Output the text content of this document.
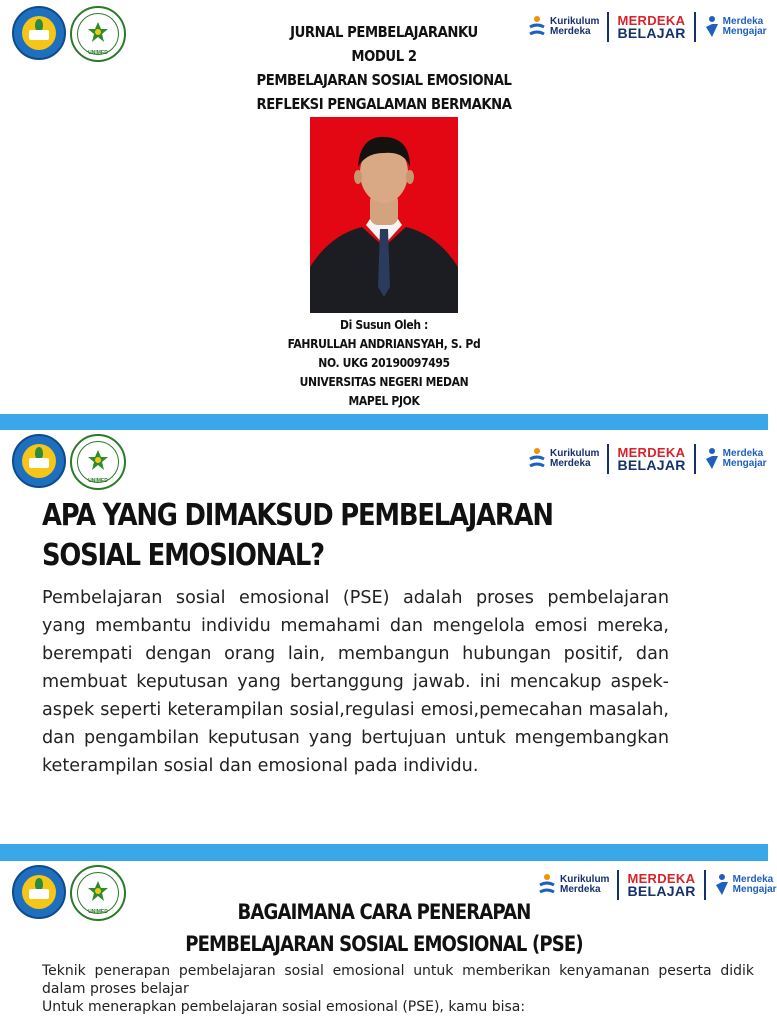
UNIMED
Kurikulum
Merdeka
MERDEKA
BELAJAR
Merdeka
Mengajar
JURNAL PEMBELAJARANKU
MODUL 2
PEMBELAJARAN SOSIAL EMOSIONAL
REFLEKSI PENGALAMAN BERMAKNA
Di Susun Oleh :
FAHRULLAH ANDRIANSYAH, S. Pd
NO. UKG 20190097495
UNIVERSITAS NEGERI MEDAN
MAPEL PJOK
UNIMED
Kurikulum
Merdeka
MERDEKA
BELAJAR
Merdeka
Mengajar
APA YANG DIMAKSUD PEMBELAJARAN SOSIAL EMOSIONAL?
Pembelajaran sosial emosional (PSE) adalah proses pembelajaran yang membantu individu memahami dan mengelola emosi mereka, berempati dengan orang lain, membangun hubungan positif, dan membuat keputusan yang bertanggung jawab. ini mencakup aspek-aspek seperti keterampilan sosial,regulasi emosi,pemecahan masalah, dan pengambilan keputusan yang bertujuan untuk mengembangkan keterampilan sosial dan emosional pada individu.
UNIMED
Kurikulum
Merdeka
MERDEKA
BELAJAR
Merdeka
Mengajar
BAGAIMANA CARA PENERAPAN
PEMBELAJARAN SOSIAL EMOSIONAL (PSE)

Teknik penerapan pembelajaran sosial emosional untuk memberikan kenyamanan peserta didik dalam proses belajar

Untuk menerapkan pembelajaran sosial emosional (PSE), kamu bisa:
